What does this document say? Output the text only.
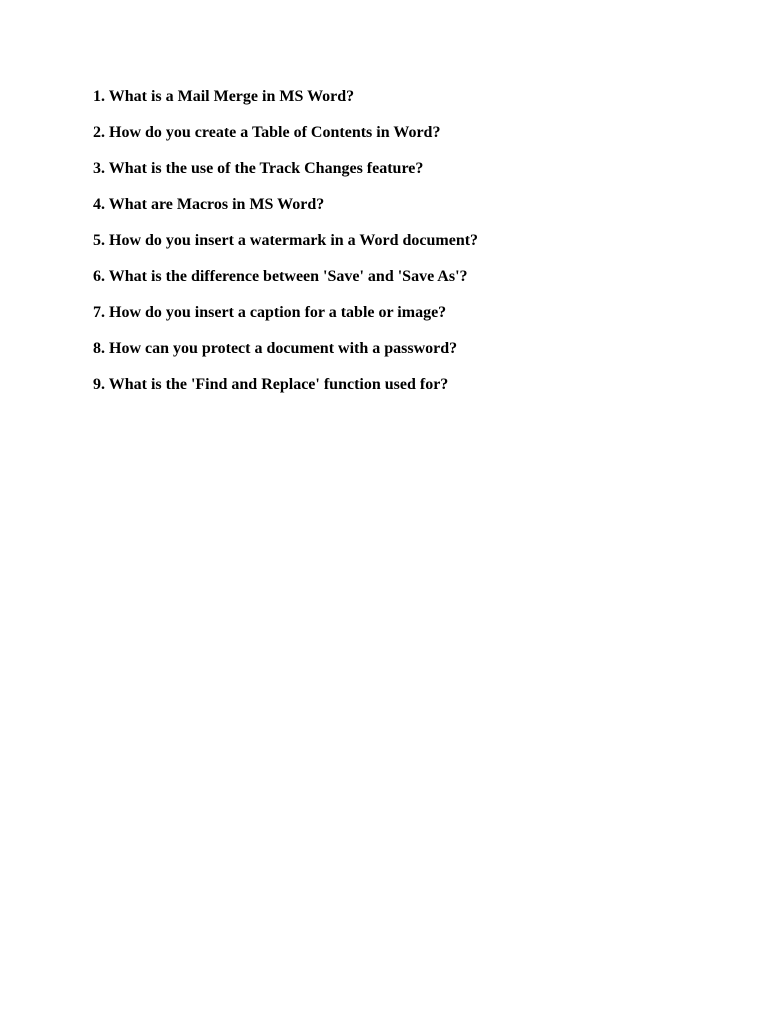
1. What is a Mail Merge in MS Word?
2. How do you create a Table of Contents in Word?
3. What is the use of the Track Changes feature?
4. What are Macros in MS Word?
5. How do you insert a watermark in a Word document?
6. What is the difference between 'Save' and 'Save As'?
7. How do you insert a caption for a table or image?
8. How can you protect a document with a password?
9. What is the 'Find and Replace' function used for?
